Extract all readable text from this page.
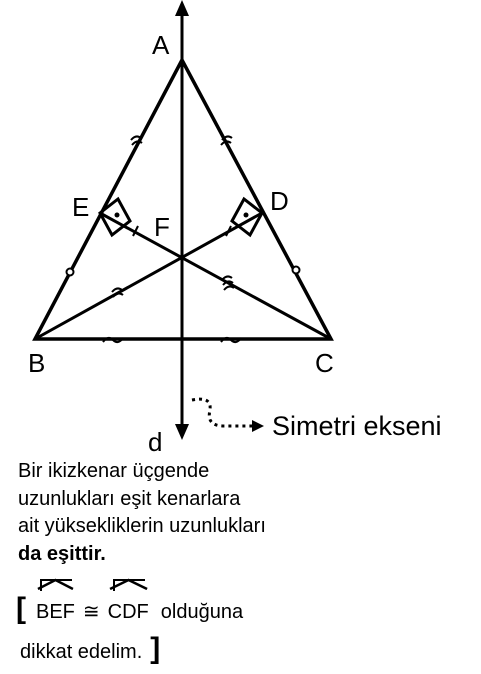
A
B	C
D
E
F
d
Simetri ekseni
Bir ikizkenar üçgende
uzunlukları eşit kenarlara
ait yüksekliklerin uzunlukları
da eşittir.
[ BEF ≅ CDF olduğuna
dikkat edelim. ]
